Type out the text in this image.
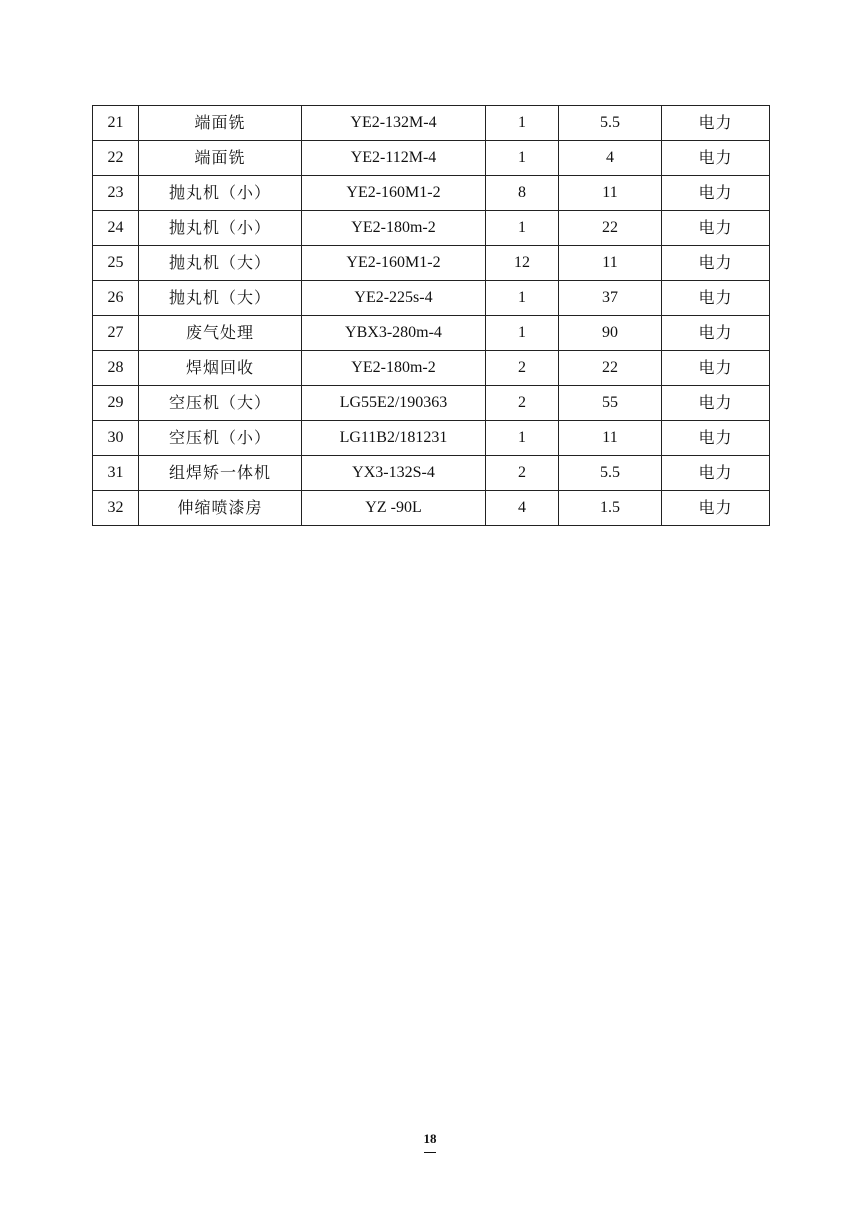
21	端面铣	YE2-132M-4	1	5.5	电力
22	端面铣	YE2-112M-4	1	4	电力
23	抛丸机（小）	YE2-160M1-2	8	11	电力
24	抛丸机（小）	YE2-180m-2	1	22	电力
25	抛丸机（大）	YE2-160M1-2	12	11	电力
26	抛丸机（大）	YE2-225s-4	1	37	电力
27	废气处理	YBX3-280m-4	1	90	电力
28	焊烟回收	YE2-180m-2	2	22	电力
29	空压机（大）	LG55E2/190363	2	55	电力
30	空压机（小）	LG11B2/181231	1	11	电力
31	组焊矫一体机	YX3-132S-4	2	5.5	电力
32	伸缩喷漆房	YZ -90L	4	1.5	电力
18
